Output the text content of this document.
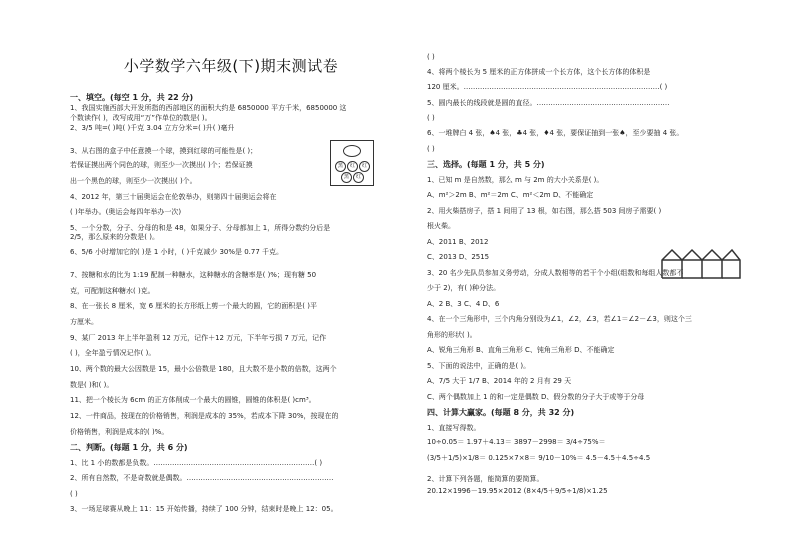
小学数学六年级(下)期末测试卷
一、填空。(每空 1 分，共 22 分)
1、我国实施西部大开发所指的西部地区的面积大约是 6850000 平方千米，6850000 这
个数读作( )，改写成用“万”作单位的数是( )。
2、3/5 吨=( )吨( )千克 3.04 立方分米=( )升( )毫升
3、从右图的盒子中任意摸一个球，摸到红球的可能性是( )；
若保证摸出两个同色的球，则至少一次摸出( )个；若保证摸
出一个黑色的球，则至少一次摸出( )个。
4、2012 年，第三十届奥运会在伦敦举办，则第四十届奥运会将在
( )年举办。(奥运会每四年举办一次)
5、一个分数，分子、分母的和是 48，如果分子、分母都加上 1，所得分数约分后是
2/5，那么原来的分数是( )。
6、5/6 小时增加它的( )是 1 小时，( )千克减少 30%是 0.77 千克。
7、按糖和水的比为 1:19 配制一种糖水，这种糖水的含糖率是( )%；现有糖 50
克，可配制这种糖水( )克。
8、在一张长 8 厘米，宽 6 厘米的长方形纸上剪一个最大的圆，它的面积是( )平
方厘米。
9、某厂 2013 年上半年盈利 12 万元，记作＋12 万元，下半年亏损 7 万元，记作
( )，全年盈亏情况记作( )。
10、两个数的最大公因数是 15，最小公倍数是 180，且大数不是小数的倍数，这两个
数是( )和( )。
11、把一个棱长为 6cm 的正方体削成一个最大的圆锥，圆锥的体积是( )cm³。
12、一件商品，按现在的价格销售，利润是成本的 35%，若成本下降 30%，按现在的
价格销售，利润是成本的( )%。
二、判断。(每题 1 分，共 6 分)
1、比 1 小的数都是负数。……………………………………………………………( )
2、所有自然数，不是奇数就是偶数。………………………………………………………
( )
3、一场足球赛从晚上 11：15 开始传播，持续了 100 分钟，结束时是晚上 12：05。
( )
4、将两个棱长为 5 厘米的正方体拼成一个长方体，这个长方体的体积是
120 厘米。…………………………………………………………………………( )
5、圆内最长的线段就是圆的直径。…………………………………………………
( )
6、一堆牌白 4 张，♠4 张，♣4 张，♦4 张，要保证抽到一张♠，至少要抽 4 张。
( )
三、选择。(每题 1 分，共 5 分)
1、已知 m 是自然数，那么 m 与 2m 的大小关系是( )。
A、m²＞2m B、m²＝2m C、m²＜2m D、不能确定
2、用火柴搭房子，搭 1 间用了 13 根，如右图，那么搭 503 间房子需要( )
根火柴。
A、2011 B、2012
C、2013 D、2515
3、20 名少先队员参加义务劳动，分成人数相等的若干个小组(组数和每组人数都不
少于 2)，有( )种分法。
A、2 B、3 C、4 D、6
4、在一个三角形中，三个内角分别设为∠1，∠2，∠3，若∠1＝∠2－∠3，则这个三
角形的形状( )。
A、锐角三角形 B、直角三角形 C、钝角三角形 D、不能确定
5、下面的说法中，正确的是( )。
A、7/5 大于 1/7 B、2014 年的 2 月有 29 天
C、两个偶数加上 1 的和一定是偶数 D、假分数的分子大于或等于分母
四、计算大赢家。(每题 8 分，共 32 分)
1、直接写得数。
10÷0.05＝ 1.97＋4.13＝ 3897－2998＝ 3/4÷75%＝
(3/5＋1/5)×1/8＝ 0.125×7×8＝ 9/10－10%＝ 4.5－4.5＋4.5÷4.5
2、计算下列各题，能简算的要简算。
20.12×1996－19.95×2012 (8×4/5＋9/5÷1/8)×1.25
黑	红	红
黑	红
